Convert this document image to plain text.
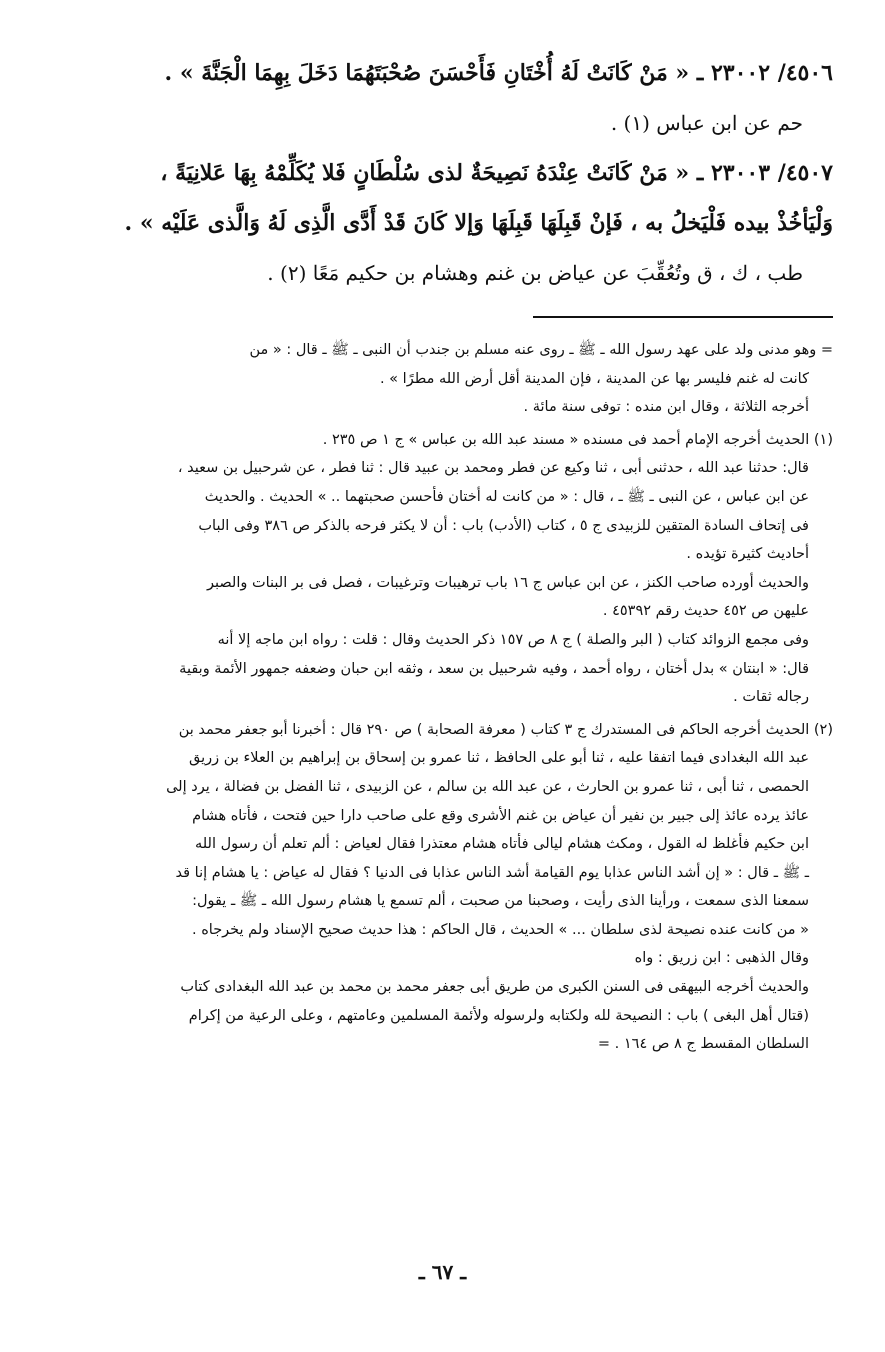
٤٥٠٦/ ٢٣٠٠٢ ـ « مَنْ كَانَتْ لَهُ أُخْتَانِ فَأَحْسَنَ صُحْبَتَهُمَا دَخَلَ بِهِمَا الْجَنَّةَ » .
حم عن ابن عباس (١) .
٤٥٠٧/ ٢٣٠٠٣ ـ « مَنْ كَانَتْ عِنْدَهُ نَصِيحَةٌ لذى سُلْطَانٍ فَلا يُكَلِّمْهُ بِهَا عَلانِيَةً ،
وَلْيَأخُذْ بيده فَلْيَخلُ به ، فَإنْ قَبِلَهَا قَبِلَهَا وَإلا كَانَ قَدْ أَدَّى الَّذِى لَهُ وَالَّذى عَلَيْه » .
طب ، ك ، ق وتُعُقِّبَ عن عياض بن غنم وهشام بن حكيم مَعًا (٢) .
= وهو مدنى ولد على عهد رسول الله ـ ﷺ ـ روى عنه مسلم بن جندب أن النبى ـ ﷺ ـ قال : « من
كانت له غنم فليسر بها عن المدينة ، فإن المدينة أقل أرض الله مطرًا » .
أخرجه الثلاثة ، وقال ابن منده : توفى سنة مائة .
(١) الحديث أخرجه الإمام أحمد فى مسنده « مسند عبد الله بن عباس » ج ١ ص ٢٣٥ .
قال: حدثنا عبد الله ، حدثنى أبى ، ثنا وكيع عن فطر ومحمد بن عبيد قال : ثنا فطر ، عن شرحبيل بن سعيد ،
عن ابن عباس ، عن النبى ـ ﷺ ـ ، قال : « من كانت له أختان فأحسن صحبتهما .. » الحديث . والحديث
فى إتحاف السادة المتقين للزبيدى ج ٥ ، كتاب (الأدب) باب : أن لا يكثر فرحه بالذكر ص ٣٨٦ وفى الباب
أحاديث كثيرة تؤيده .
والحديث أورده صاحب الكنز ، عن ابن عباس ج ١٦ باب ترهيبات وترغيبات ، فصل فى بر البنات والصبر
عليهن ص ٤٥٢ حديث رقم ٤٥٣٩٢ .
وفى مجمع الزوائد كتاب ( البر والصلة ) ج ٨ ص ١٥٧ ذكر الحديث وقال : قلت : رواه ابن ماجه إلا أنه
قال: « ابنتان » بدل أختان ، رواه أحمد ، وفيه شرحبيل بن سعد ، وثقه ابن حبان وضعفه جمهور الأئمة وبقية
رجاله ثقات .
(٢) الحديث أخرجه الحاكم فى المستدرك ج ٣ كتاب ( معرفة الصحابة ) ص ٢٩٠ قال : أخبرنا أبو جعفر محمد بن
عبد الله البغدادى فيما اتفقا عليه ، ثنا أبو على الحافظ ، ثنا عمرو بن إسحاق بن إبراهيم بن العلاء بن زريق
الحمصى ، ثنا أبى ، ثنا عمرو بن الحارث ، عن عبد الله بن سالم ، عن الزبيدى ، ثنا الفضل بن فضالة ، يرد إلى
عائذ يرده عائذ إلى جبير بن نفير أن عياض بن غنم الأشرى وقع على صاحب دارا حين فتحت ، فأتاه هشام
ابن حكيم فأغلظ له القول ، ومكث هشام ليالى فأتاه هشام معتذرا فقال لعياض : ألم تعلم أن رسول الله
ـ ﷺ ـ قال : « إن أشد الناس عذابا يوم القيامة أشد الناس عذابا فى الدنيا ؟ فقال له عياض : يا هشام إنا قد
سمعنا الذى سمعت ، ورأينا الذى رأيت ، وصحبنا من صحبت ، ألم تسمع يا هشام رسول الله ـ ﷺ ـ يقول:
« من كانت عنده نصيحة لذى سلطان ... » الحديث ، قال الحاكم : هذا حديث صحيح الإسناد ولم يخرجاه .
وقال الذهبى : ابن زريق : واه
والحديث أخرجه البيهقى فى السنن الكبرى من طريق أبى جعفر محمد بن محمد بن عبد الله البغدادى كتاب
(قتال أهل البغى ) باب : النصيحة لله ولكتابه ولرسوله ولأئمة المسلمين وعامتهم ، وعلى الرعية من إكرام
السلطان المقسط ج ٨ ص ١٦٤ . =
ـ ٦٧ ـ
